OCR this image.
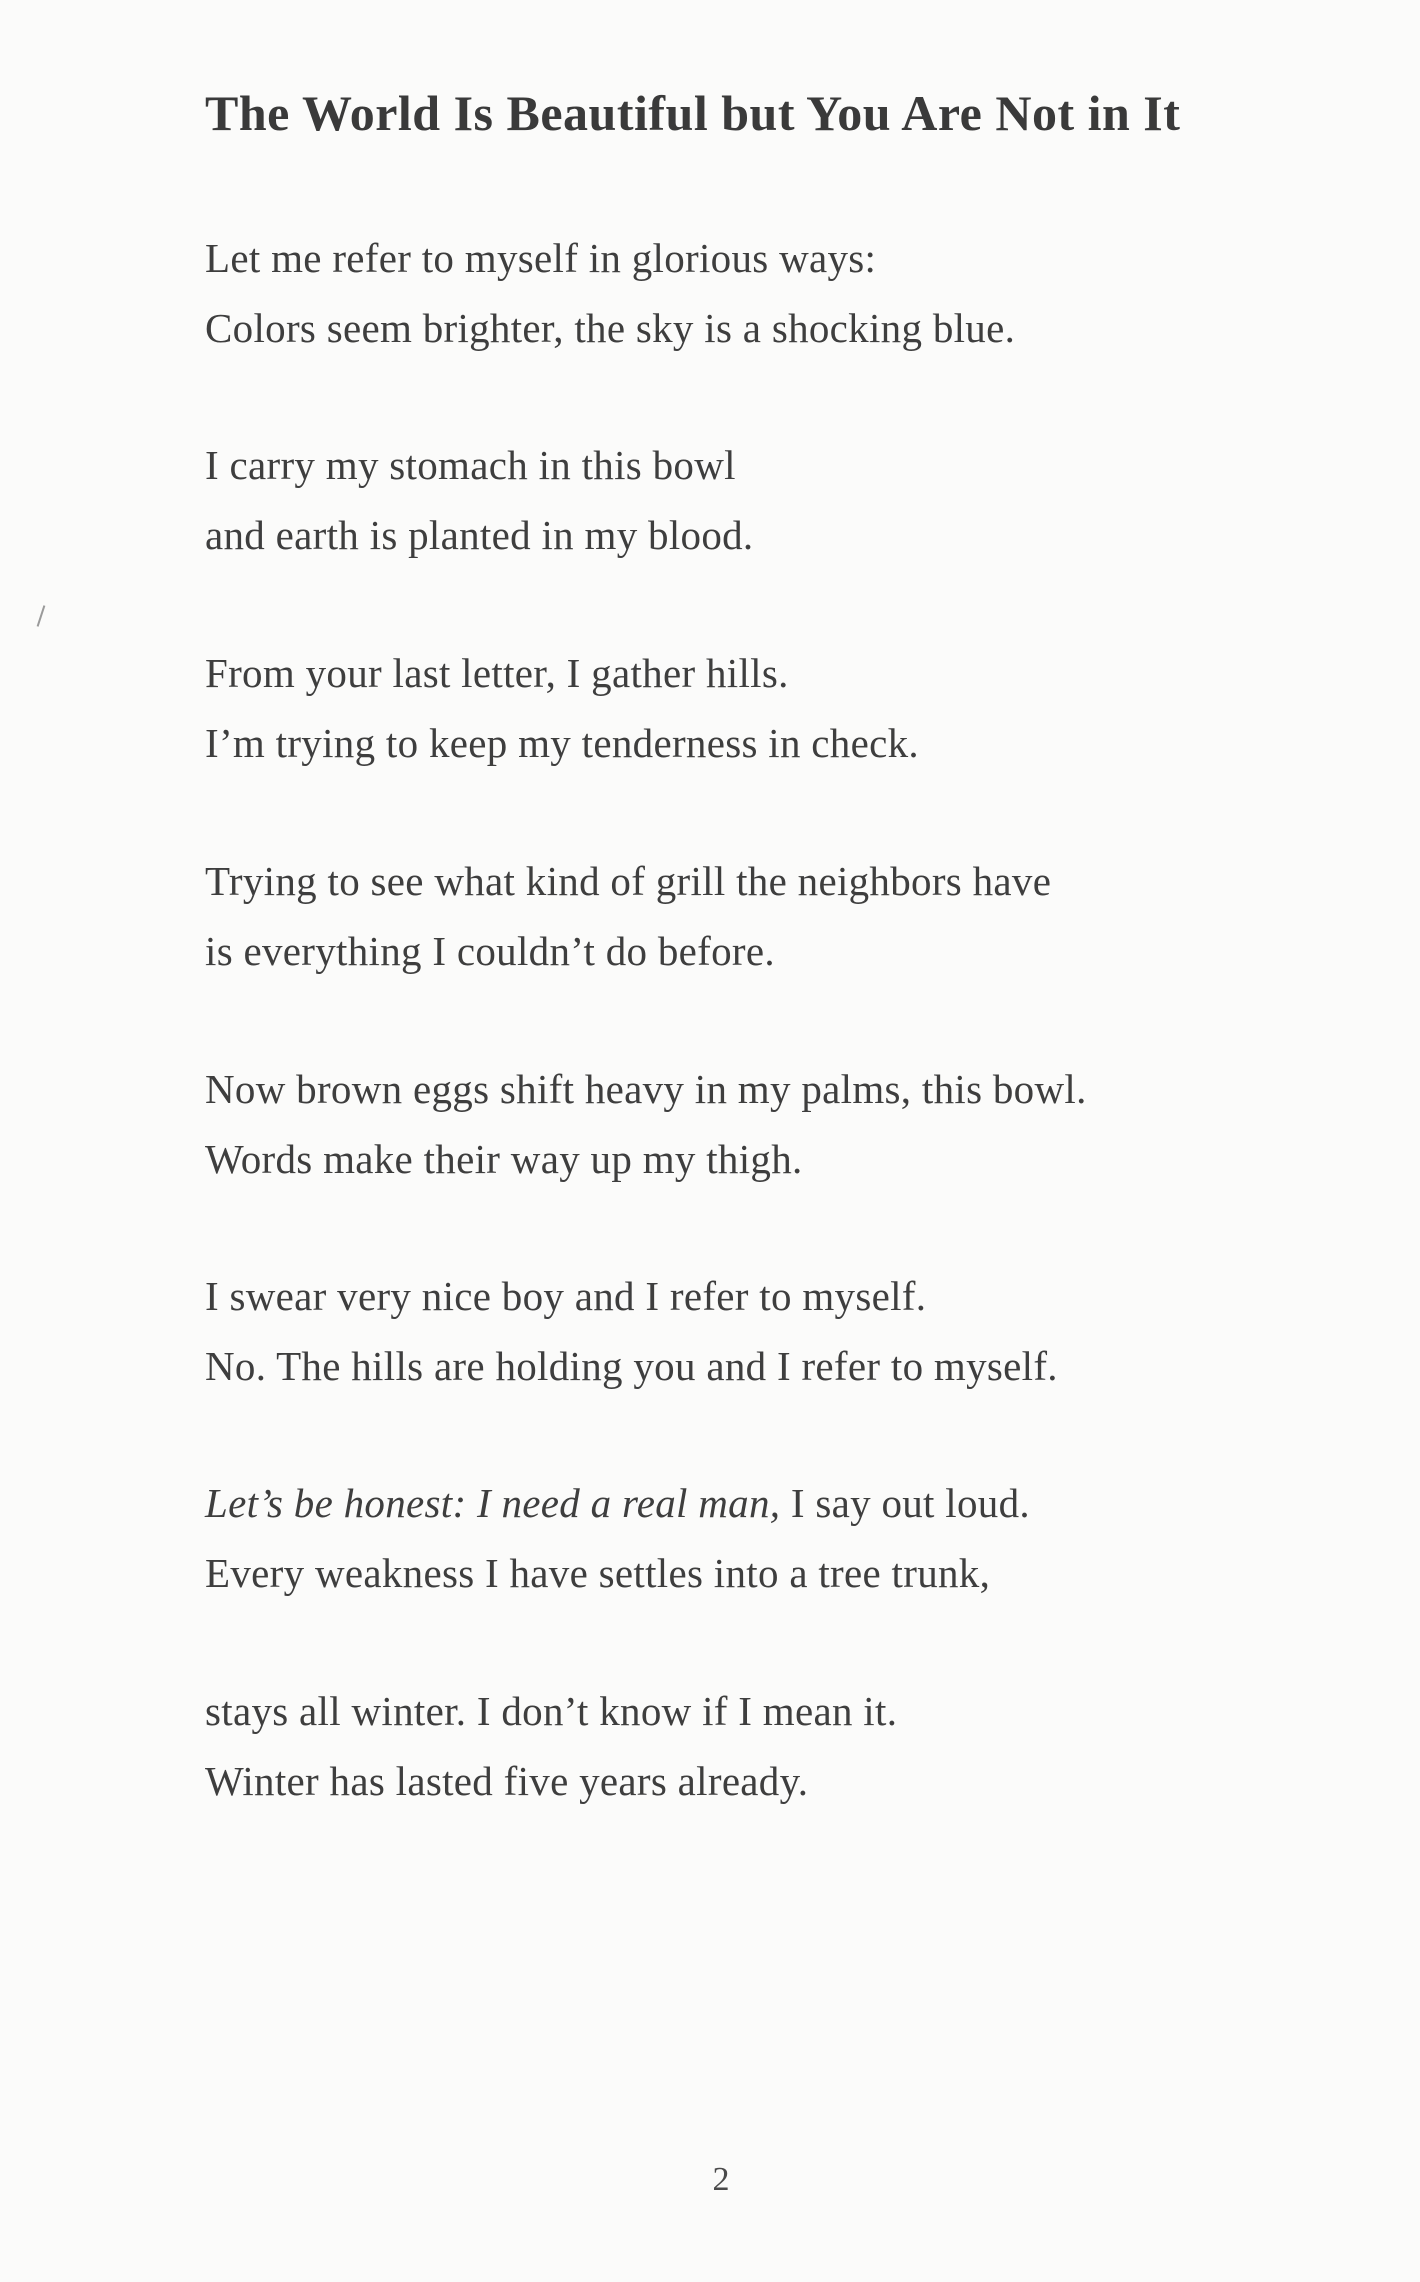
The World Is Beautiful but You Are Not in It

Let me refer to myself in glorious ways:

Colors seem brighter, the sky is a shocking blue.

I carry my stomach in this bowl

and earth is planted in my blood.

From your last letter, I gather hills.

I’m trying to keep my tenderness in check.

Trying to see what kind of grill the neighbors have

is everything I couldn’t do before.

Now brown eggs shift heavy in my palms, this bowl.

Words make their way up my thigh.

I swear very nice boy and I refer to myself.

No. The hills are holding you and I refer to myself.

Let’s be honest: I need a real man, I say out loud.

Every weakness I have settles into a tree trunk,

stays all winter. I don’t know if I mean it.

Winter has lasted five years already.

2
